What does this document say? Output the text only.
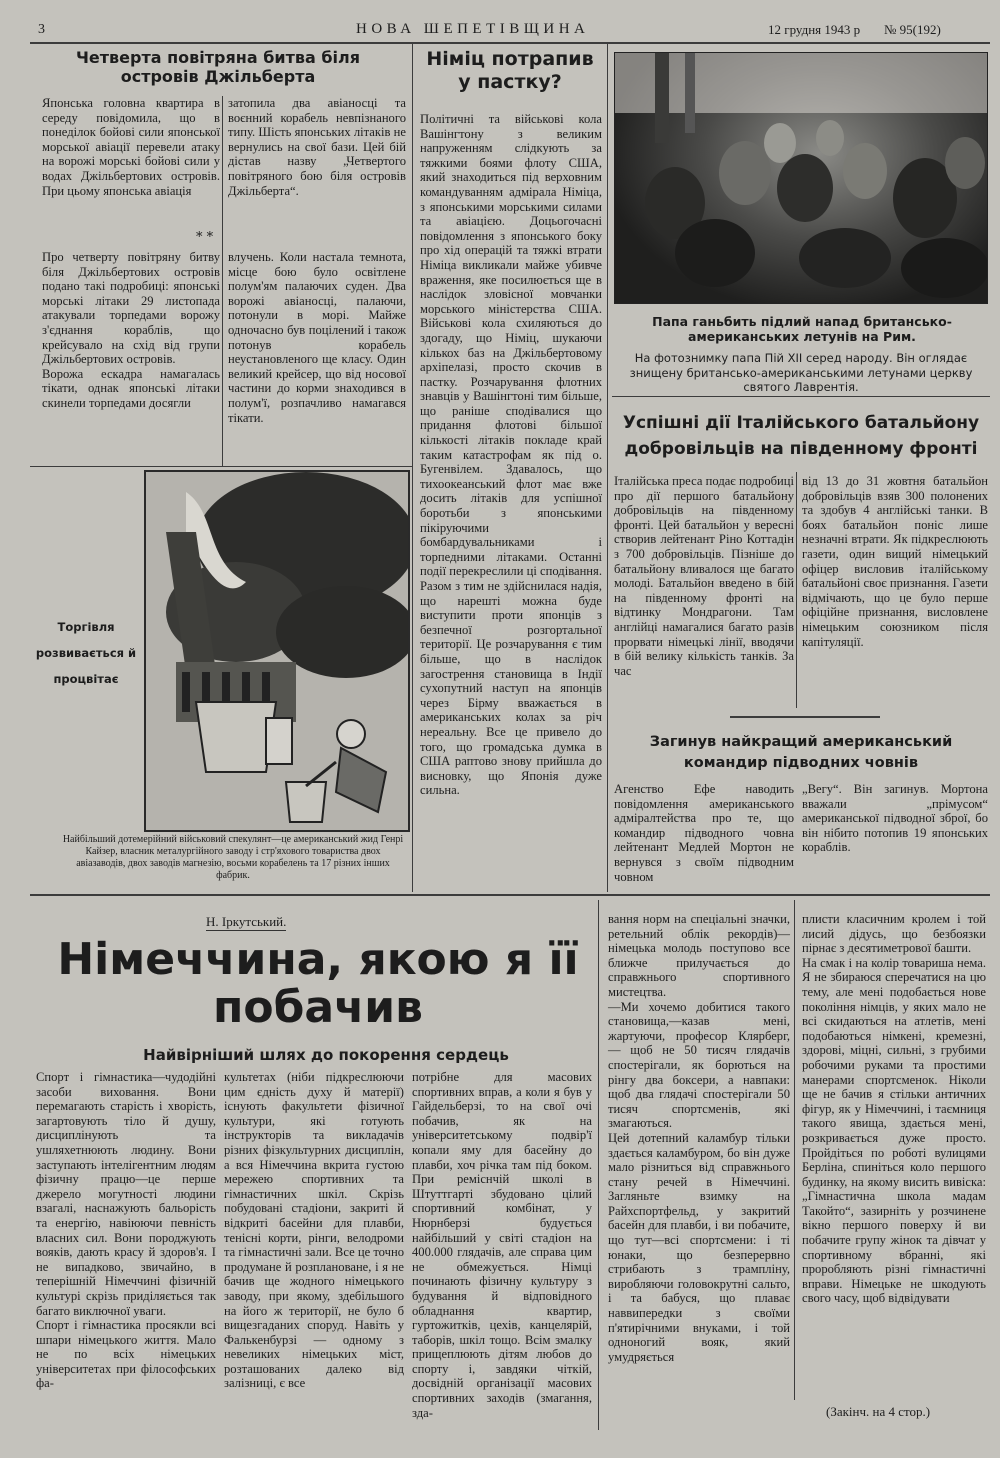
3	НОВА ШЕПЕТІВЩИНА	12 грудня 1943 р № 95(192)
Четверта повітряна битва біля островів Джільберта

Японська головна квартира в середу повідомила, що в понеділок бойові сили японської морської авіації перевели атаку на ворожі морські бойові сили у водах Джільбертових островів. При цьому японська авіація

затопила два авіаносці та воєнний корабель невпізнаного типу. Шість японських літаків не вернулись на свої бази. Цей бій дістав назву „Четвертого повітряного бою біля островів Джільберта“.

* *

Про четверту повітряну битву біля Джільбертових островів подано такі подробиці: японські морські літаки 29 листопада атакували торпедами ворожу з'єднання кораблів, що крейсувало на схід від групи Джільбертових островів.
Ворожа ескадра намагалась тікати, однак японські літаки скинели торпедами досягли

влучень. Коли настала темнота, місце бою було освітлене полум'ям палаючих суден. Два ворожі авіаносці, палаючи, потонули в морі. Майже одночасно був поцілений і також потонув корабель неустановленого ще класу. Один великий крейсер, що від носової частини до корми знаходився в полум'ї, розпачливо намагався тікати.

Німіц потрапив у пастку?

Політичні та військові кола Вашінгтону з великим напруженням слідкують за тяжкими боями флоту США, який знаходиться під верховним командуванням адмірала Німіца, з японськими морськими силами та авіацією. Доцьогочасні повідомлення з японського боку про хід операцій та тяжкі втрати Німіца викликали майже убивче враження, яке посилюється ще в наслідок зловісної мовчанки морського міністерства США. Військові кола схиляються до здогаду, що Німіц, шукаючи кількох баз на Джільбертовому архіпелазі, просто скочив в пастку. Розчарування флотних знавців у Вашінгтоні тим більше, що раніше сподівалися що придання флотові більшої кількості літаків покладе край таким катастрофам як під о. Бугенвілем. Здавалось, що тихоокеанський флот має вже досить літаків для успішної боротьби з японськими пікіруючими бомбардувальниками і торпедними літаками. Останні події перекреслили ці сподівання. Разом з тим не здійснилася надія, що нарешті можна буде виступити проти японців з безпечної розгортальної території. Це розчарування є тим більше, що в наслідок загострення становища в Індії сухопутний наступ на японців через Бірму вважається в американських колах за річ нереальну. Все це привело до того, що громадська думка в США раптово знову прийшла до висновку, що Японія дуже сильна.

Папа ганьбить підлий напад британсько-американських летунів на Рим.
На фотознимку папа Пій XII серед народу. Він оглядає знищену британсько-американськими летунами церкву святого Лаврентія.
Успішні дії Італійського батальйону добровільців на південному фронті

Італійська преса подає подробиці про дії першого батальйону добровільців на південному фронті. Цей батальйон у вересні створив лейтенант Ріно Коттадін з 700 добровільців. Пізніше до батальйону вливалося ще багато молоді. Батальйон введено в бій на південному фронті на відтинку Мондрагони. Там англійці намагалися багато разів прорвати німецькі лінії, вводячи в бій велику кількість танків. За час

від 13 до 31 жовтня батальйон добровільців взяв 300 полонених та здобув 4 англійські танки. В боях батальйон поніс лише незначні втрати. Як підкреслюють газети, один вищий німецький офіцер висловив італійському батальйоні своє признання. Газети відмічають, що це було перше офіційне признання, висловлене німецьким союзником після капітуляції.

Загинув найкращий американський командир підводних човнів

Агенство Ефе наводить повідомлення американського адміралтейства про те, що командир підводного човна лейтенант Медлей Мортон не вернувся з своїм підводним човном

„Вегу“. Він загинув. Мортона вважали „прімусом“ американської підводної зброї, бо він нібито потопив 19 японських кораблів.

Торгівля розвивається й процвітає
Найбільший дотемерійний військовий спекулянт—це американський жид Генрі Кайзер, власник металургійного заводу і стр'яхового товариства двох авіазаводів, двох заводів магнезію, восьми корабелень та 17 різних інших фабрик.
Н. Іркутський.
Німеччина, якою я її побачив
Найвірніший шлях до покорення сердець

Спорт і гімнастика—чудодійні засоби виховання. Вони перемагають старість і хворість, загартовують тіло й душу, дисциплінують та ушляхетнюють людину. Вони заступають інтелігентним людям фізичну працю—це перше джерело могутності людини взагалі, наснажують бальорість та енергію, навіюючи певність власних сил. Вони породжують вояків, дають красу й здоров'я. І не випадково, звичайно, в теперішній Німеччині фізичній культурі скрізь приділяється так багато виключної уваги.
Спорт і гімнастика просякли всі шпари німецького життя. Мало не по всіх німецьких університетах при філософських фа-

культетах (ніби підкреслюючи цим єдність духу й матерії) існують факультети фізичної культури, які готують інструкторів та викладачів різних фізкультурних дисциплін, а вся Німеччина вкрита густою мережею спортивних та гімнастичних шкіл. Скрізь побудовані стадіони, закриті й відкриті басейни для плавби, тенісні корти, рінги, велодроми та гімнастичні зали. Все це точно продумане й розплановане, і я не бачив ще жодного німецького заводу, при якому, здебільшого на його ж території, не було б вищезгаданих споруд. Навіть у Фалькенбурзі — одному з невеликих німецьких міст, розташованих далеко від залізниці, є все

потрібне для масових спортивних вправ, а коли я був у Гайдельберзі, то на свої очі побачив, як на університетському подвір'ї копали яму для басейну до плавби, хоч річка там під боком. При реміснчій школі в Штуттгарті збудовано цілий спортивний комбінат, у Нюрнберзі будується найбільший у світі стадіон на 400.000 глядачів, але справа цим не обмежується. Німці починають фізичну культуру з будування й відповідного обладнання квартир, гуртожитків, цехів, канцелярій, таборів, шкіл тощо. Всім змалку прищеплюють дітям любов до спорту і, завдяки чіткій, досвідній організації масових спортивних заходів (змагання, зда-

вання норм на спеціальні значки, ретельний облік рекордів)—німецька молодь поступово все ближче прилучається до справжнього спортивного мистецтва.
—Ми хочемо добитися такого становища,—казав мені, жартуючи, професор Клярберг, — щоб не 50 тисяч глядачів спостерігали, як борються на рінгу два боксери, а навпаки: щоб два глядачі спостерігали 50 тисяч спортсменів, які змагаються.
Цей дотепний каламбур тільки здається каламбуром, бо він дуже мало різниться від справжнього стану речей в Німеччині. Загляньте взимку на Райхспортфельд, у закритий басейн для плавби, і ви побачите, що тут—всі спортсмени: і ті юнаки, що безперервно стрибають з трампліну, виробляючи головокрутні сальто, і та бабуся, що плаває наввипередки з своїми п'ятирічними внуками, і той одноногий вояк, який умудряється

плисти класичним кролем і той лисий дідусь, що безбоязки пірнає з десятиметрової башти.
На смак і на колір товариша нема. Я не збираюся сперечатися на цю тему, але мені подобається нове покоління німців, у яких мало не всі скидаються на атлетів, мені подобаються німкені, кремезні, здорові, міцні, сильні, з грубими робочими руками та простими манерами спортсменок. Ніколи ще не бачив я стільки античних фігур, як у Німеччині, і таємниця такого явища, здається мені, розкривається дуже просто. Пройдіться по роботі вулицями Берліна, спиніться коло першого будинку, на якому висить вивіска: „Гімнастична школа мадам Такойто“, зазирніть у розчинене вікно першого поверху й ви побачите групу жінок та дівчат у спортивному вбранні, які проробляють різні гімнастичні вправи. Німецьке не шкодують свого часу, щоб відвідувати

(Закінч. на 4 стор.)
